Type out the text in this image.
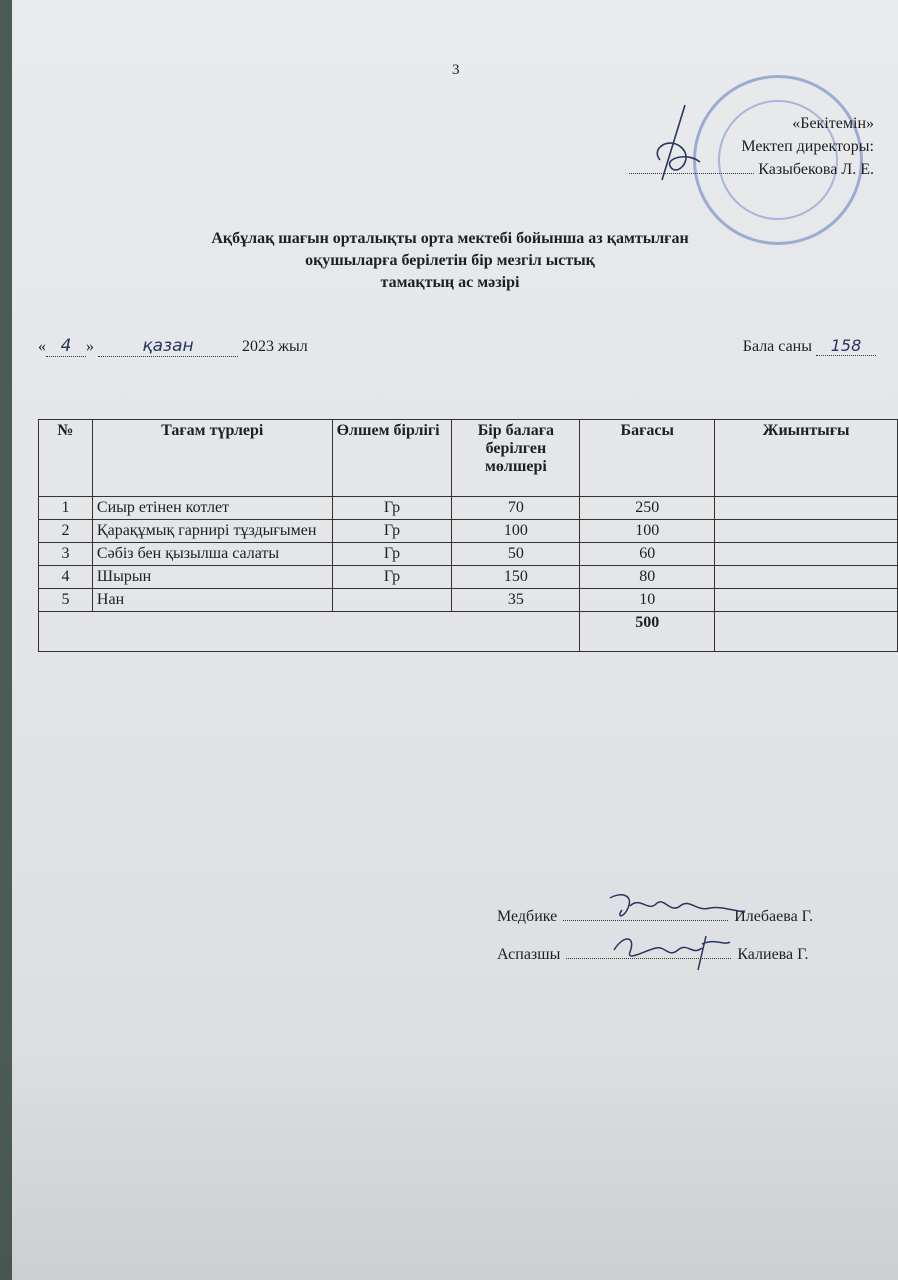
3
«Бекітемін»
Мектеп директоры:
Казыбекова Л. Е.
Ақбұлақ шағын орталықты орта мектебі бойынша аз қамтылған
оқушыларға берілетін бір мезгіл ыстық
тамақтың ас мәзірі
« 4 »	қазан	2023 жыл	Бала саны 158
№	Тағам түрлері	Өлшем бірлігі	Бір балаға берілген мөлшері	Бағасы	Жиынтығы
1	Сиыр етінен котлет	Гр	70	250	
2	Қарақұмық гарнирі тұздығымен	Гр	100	100	
3	Сәбіз бен қызылша салаты	Гр	50	60	
4	Шырын	Гр	150	80	
5	Нан		35	10	
				500	
Медбике	Илебаева Г.
Аспазшы	Калиева Г.
